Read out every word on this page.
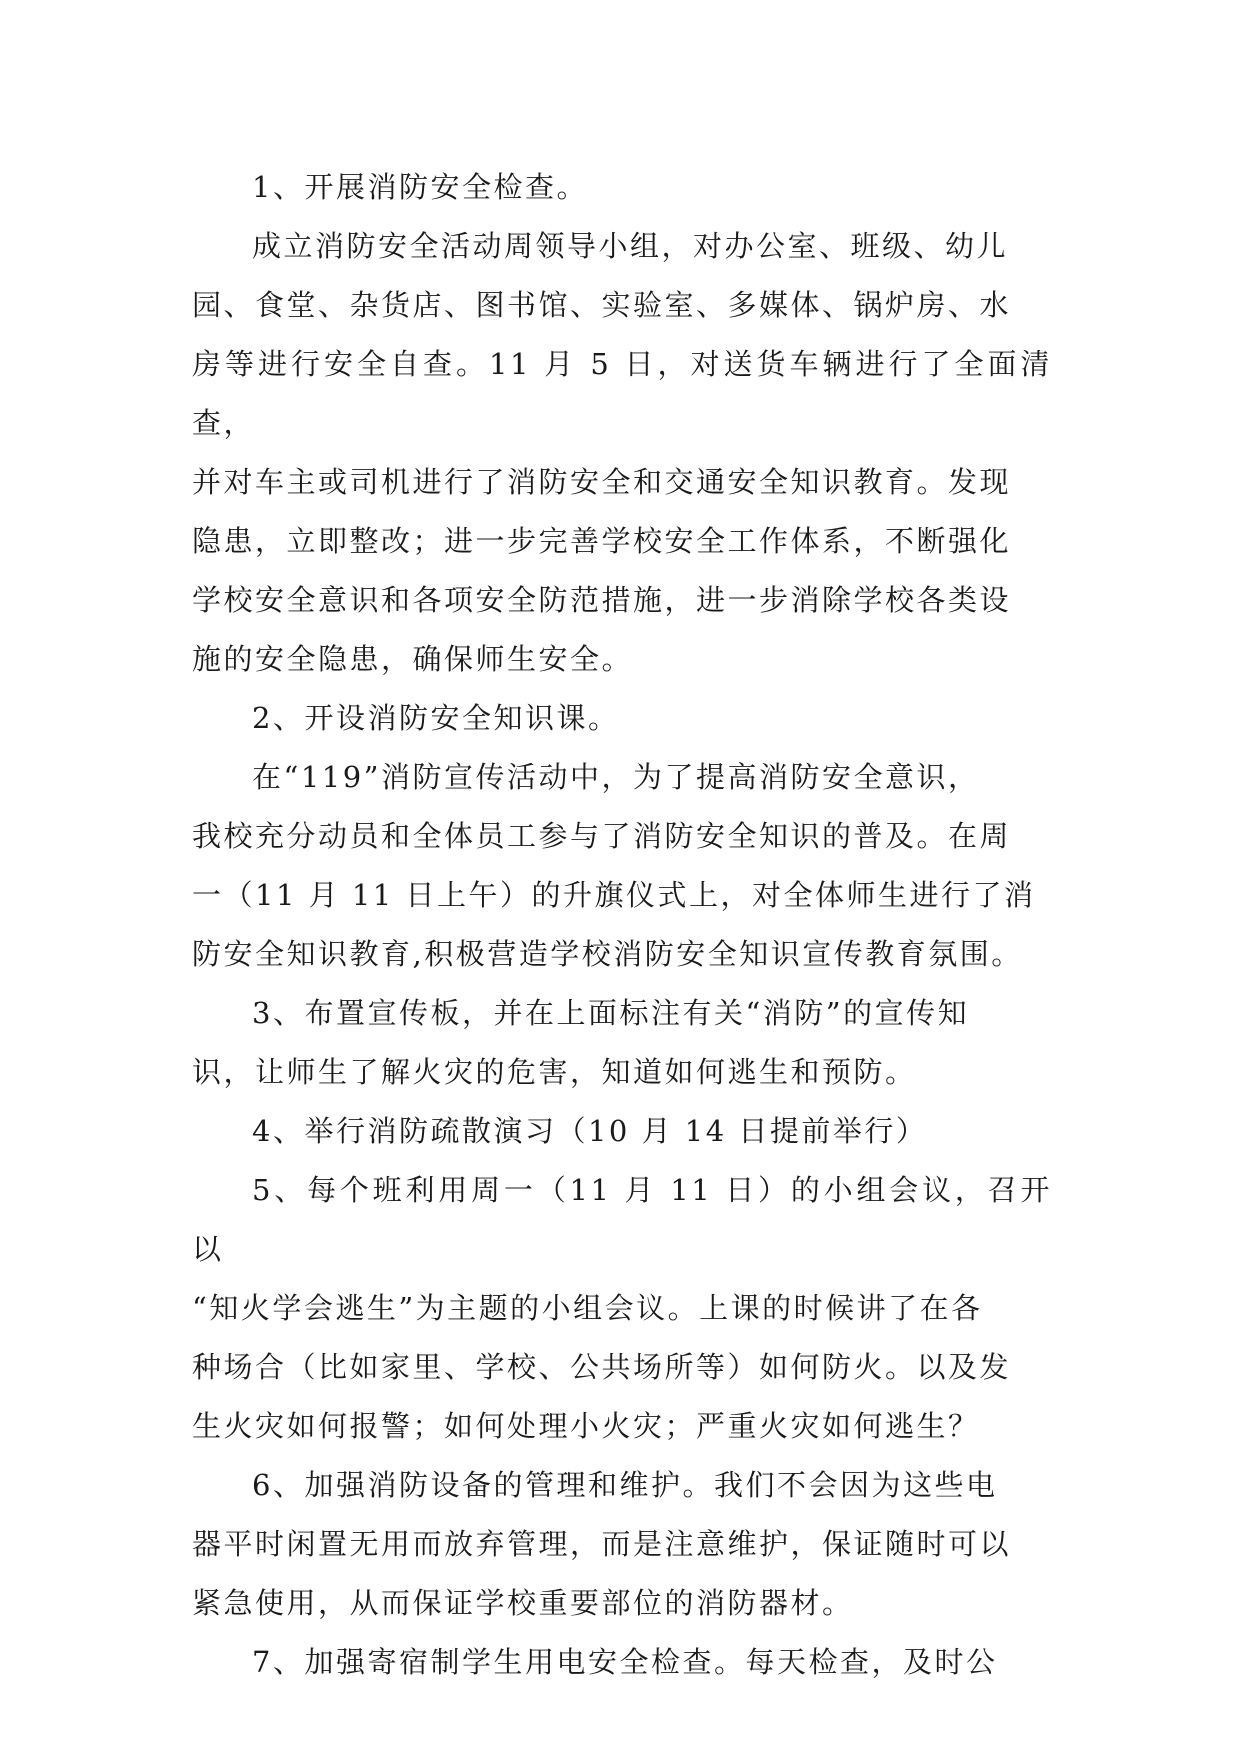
1、开展消防安全检查。

成立消防安全活动周领导小组，对办公室、班级、幼儿
园、食堂、杂货店、图书馆、实验室、多媒体、锅炉房、水
房等进行安全自查。11 月 5 日，对送货车辆进行了全面清查，
并对车主或司机进行了消防安全和交通安全知识教育。发现
隐患，立即整改；进一步完善学校安全工作体系，不断强化
学校安全意识和各项安全防范措施，进一步消除学校各类设
施的安全隐患，确保师生安全。

2、开设消防安全知识课。

在“119”消防宣传活动中，为了提高消防安全意识，
我校充分动员和全体员工参与了消防安全知识的普及。在周
一（11 月 11 日上午）的升旗仪式上，对全体师生进行了消
防安全知识教育,积极营造学校消防安全知识宣传教育氛围。

3、布置宣传板，并在上面标注有关“消防”的宣传知
识，让师生了解火灾的危害，知道如何逃生和预防。

4、举行消防疏散演习（10 月 14 日提前举行）

5、每个班利用周一（11 月 11 日）的小组会议，召开以
“知火学会逃生”为主题的小组会议。上课的时候讲了在各
种场合（比如家里、学校、公共场所等）如何防火。以及发
生火灾如何报警；如何处理小火灾；严重火灾如何逃生？

6、加强消防设备的管理和维护。我们不会因为这些电
器平时闲置无用而放弃管理，而是注意维护，保证随时可以
紧急使用，从而保证学校重要部位的消防器材。

7、加强寄宿制学生用电安全检查。每天检查，及时公
